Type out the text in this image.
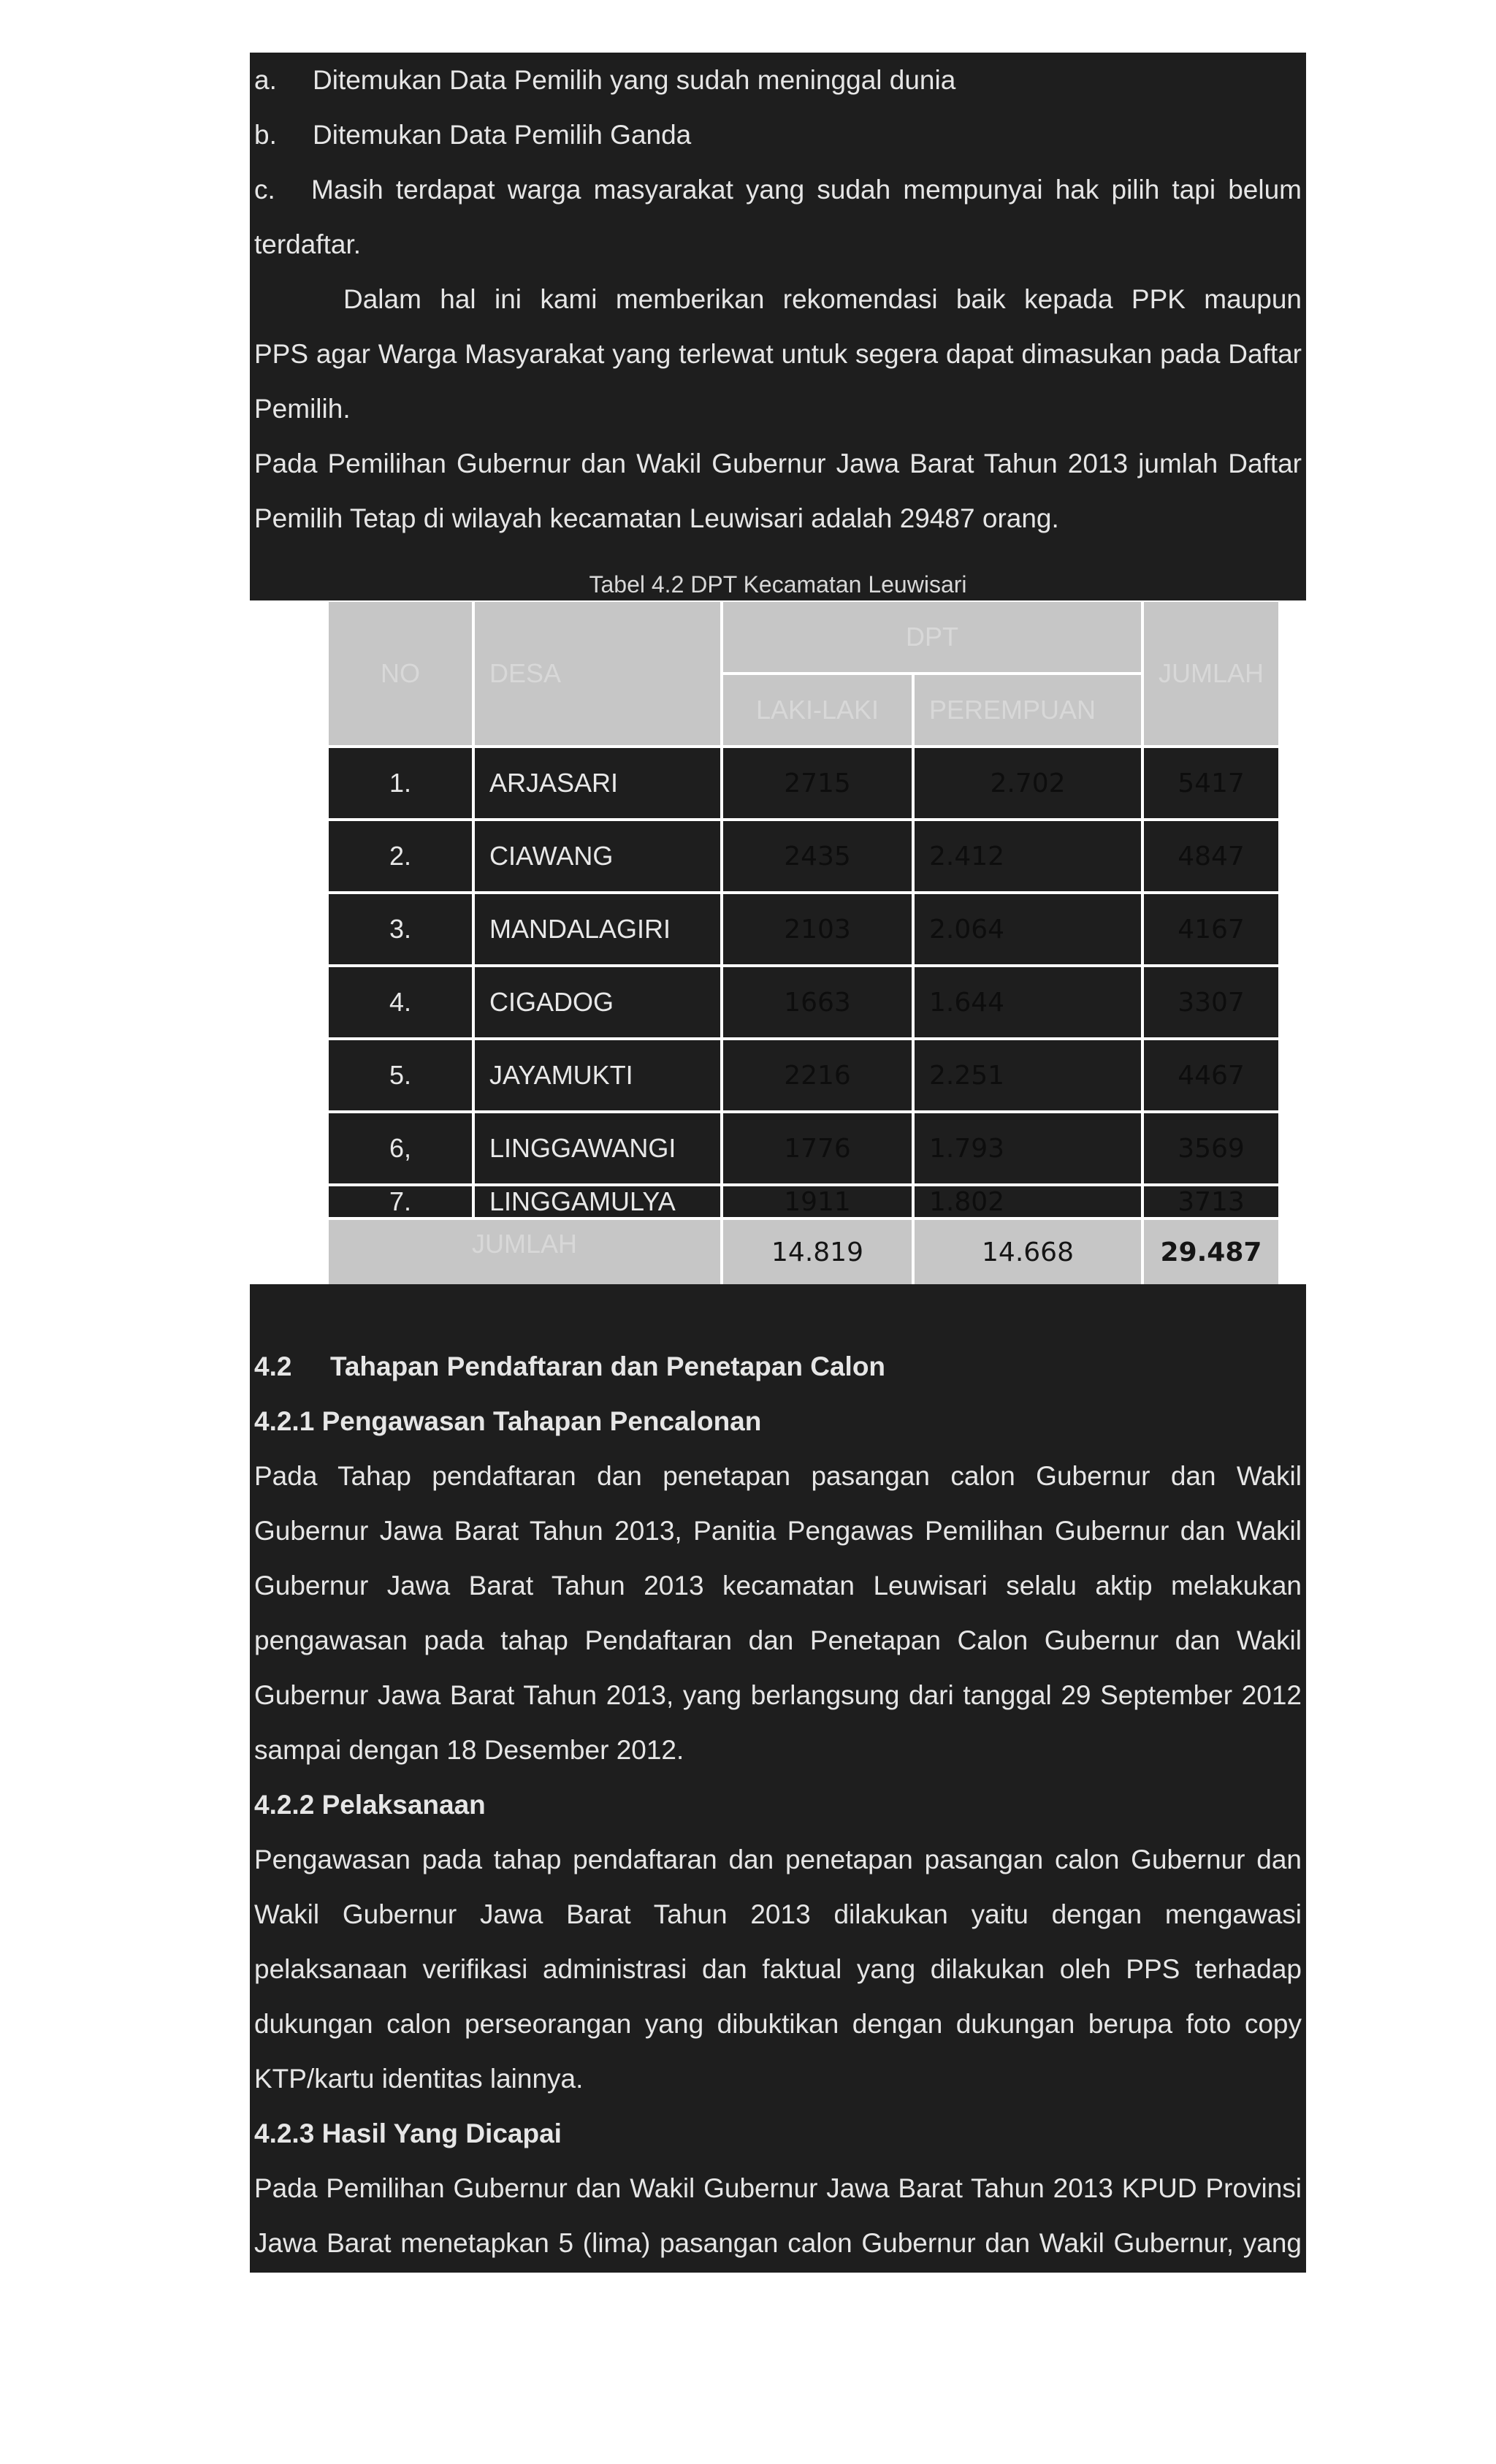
a.	Ditemukan Data Pemilih yang sudah meninggal dunia
b.	Ditemukan Data Pemilih Ganda
c.	Masih terdapat warga masyarakat yang sudah mempunyai hak pilih tapi belum
terdaftar.
Dalam hal ini kami memberikan rekomendasi baik kepada PPK maupun
PPS agar Warga Masyarakat yang terlewat untuk segera dapat dimasukan pada Daftar
Pemilih.
Pada Pemilihan Gubernur dan Wakil Gubernur Jawa Barat Tahun 2013 jumlah Daftar
Pemilih Tetap di wilayah kecamatan Leuwisari adalah 29487 orang.
Tabel 4.2 DPT Kecamatan Leuwisari
NO	DESA
DPT
LAKI-LAKI	PEREMPUAN
JUMLAH
1.	ARJASARI	2715	2.702	5417
2.	CIAWANG	2435	2.412	4847
3.	MANDALAGIRI	2103	2.064	4167
4.	CIGADOG	1663	1.644	3307
5.	JAYAMUKTI	2216	2.251	4467
6,	LINGGAWANGI	1776	1.793	3569
7.	LINGGAMULYA	1911	1.802	3713
JUMLAH	14.819	14.668	29.487
4.2 Tahapan Pendaftaran dan Penetapan Calon
4.2.1 Pengawasan Tahapan Pencalonan
Pada Tahap pendaftaran dan penetapan pasangan calon Gubernur dan Wakil
Gubernur Jawa Barat Tahun 2013, Panitia Pengawas Pemilihan Gubernur dan Wakil
Gubernur Jawa Barat Tahun 2013 kecamatan Leuwisari selalu aktip melakukan
pengawasan pada tahap Pendaftaran dan Penetapan Calon Gubernur dan Wakil
Gubernur Jawa Barat Tahun 2013, yang berlangsung dari tanggal 29 September 2012
sampai dengan 18 Desember 2012.
4.2.2 Pelaksanaan
Pengawasan pada tahap pendaftaran dan penetapan pasangan calon Gubernur dan
Wakil Gubernur Jawa Barat Tahun 2013 dilakukan yaitu dengan mengawasi
pelaksanaan verifikasi administrasi dan faktual yang dilakukan oleh PPS terhadap
dukungan calon perseorangan yang dibuktikan dengan dukungan berupa foto copy
KTP/kartu identitas lainnya.
4.2.3 Hasil Yang Dicapai
Pada Pemilihan Gubernur dan Wakil Gubernur Jawa Barat Tahun 2013 KPUD Provinsi
Jawa Barat menetapkan 5 (lima) pasangan calon Gubernur dan Wakil Gubernur, yang
